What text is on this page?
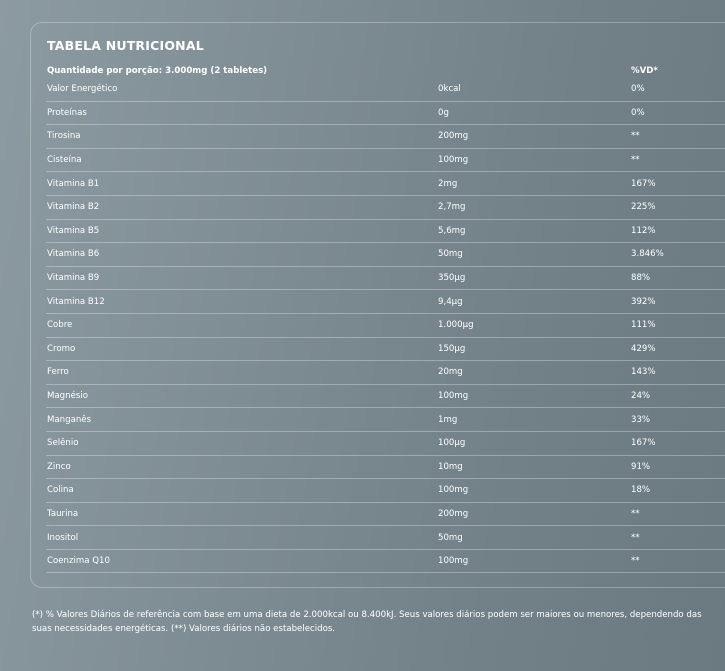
TABELA NUTRICIONAL
Quantidade por porção: 3.000mg (2 tabletes)	%VD*
Valor Energético	0kcal	0%
Proteínas	0g	0%
Tirosina	200mg	**
Cisteína	100mg	**
Vitamina B1	2mg	167%
Vitamina B2	2,7mg	225%
Vitamina B5	5,6mg	112%
Vitamina B6	50mg	3.846%
Vitamina B9	350µg	88%
Vitamina B12	9,4µg	392%
Cobre	1.000µg	111%
Cromo	150µg	429%
Ferro	20mg	143%
Magnésio	100mg	24%
Manganês	1mg	33%
Selênio	100µg	167%
Zinco	10mg	91%
Colina	100mg	18%
Taurina	200mg	**
Inositol	50mg	**
Coenzima Q10	100mg	**
(*) % Valores Diários de referência com base em uma dieta de 2.000kcal ou 8.400kJ. Seus valores diários podem ser maiores ou menores, dependendo das suas necessidades energéticas. (**) Valores diários não estabelecidos.
